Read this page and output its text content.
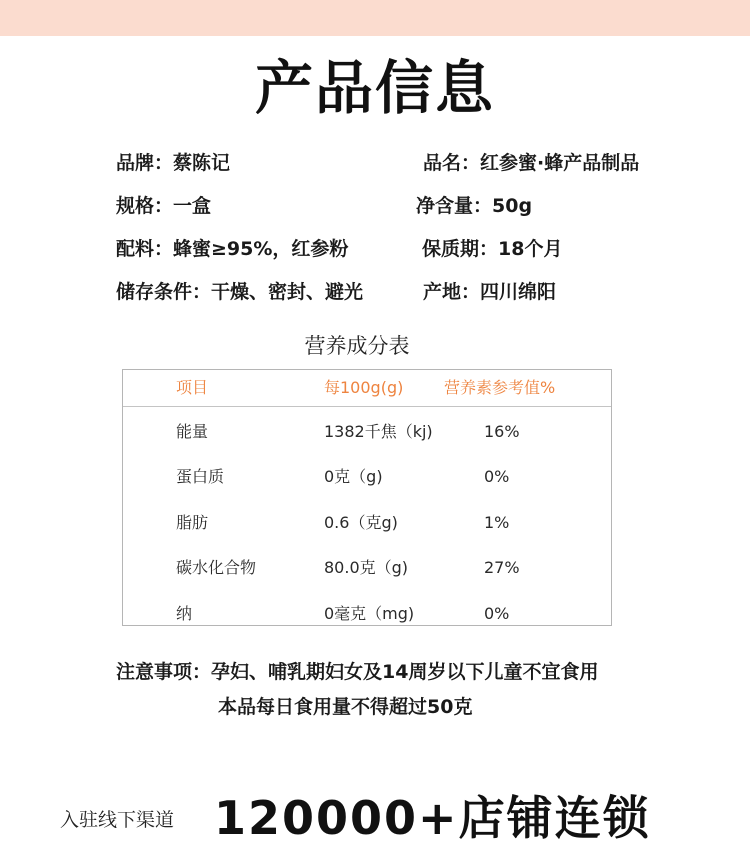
产品信息
品牌：蔡陈记	品名：红参蜜·蜂产品制品
规格：一盒	净含量：50g
配料：蜂蜜≥95%，红参粉	保质期：18个月
储存条件：干燥、密封、避光	产地：四川绵阳
营养成分表
项目	每100g(g)	营养素参考值%
能量	1382千焦（kj)	16%
蛋白质	0克（g)	0%
脂肪	0.6（克g)	1%
碳水化合物	80.0克（g)	27%
纳	0毫克（mg)	0%
注意事项：孕妇、哺乳期妇女及14周岁以下儿童不宜食用
本品每日食用量不得超过50克
入驻线下渠道 120000+店铺连锁
